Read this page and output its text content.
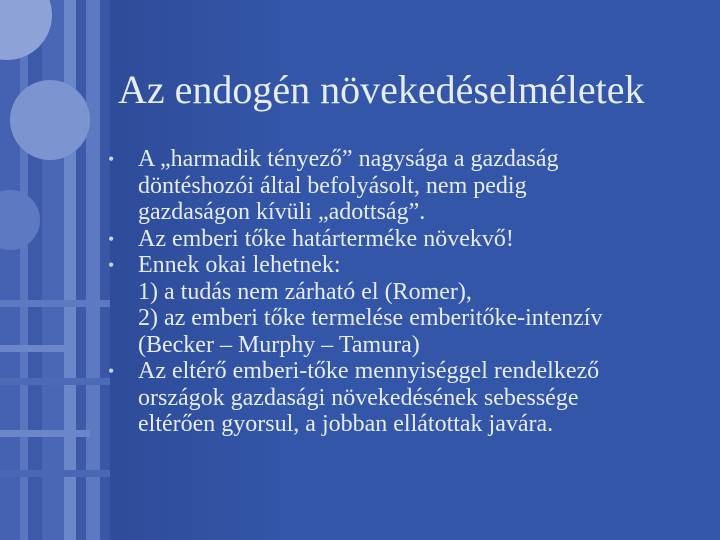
Az endogén növekedéselméletek
• A „harmadik tényező” nagysága a gazdaság
döntéshozói által befolyásolt, nem pedig
gazdaságon kívüli „adottság”.
• Az emberi tőke határterméke növekvő!
• Ennek okai lehetnek:
1) a tudás nem zárható el (Romer),
2) az emberi tőke termelése emberitőke-intenzív
(Becker – Murphy – Tamura)
• Az eltérő emberi-tőke mennyiséggel rendelkező
országok gazdasági növekedésének sebessége
eltérően gyorsul, a jobban ellátottak javára.
